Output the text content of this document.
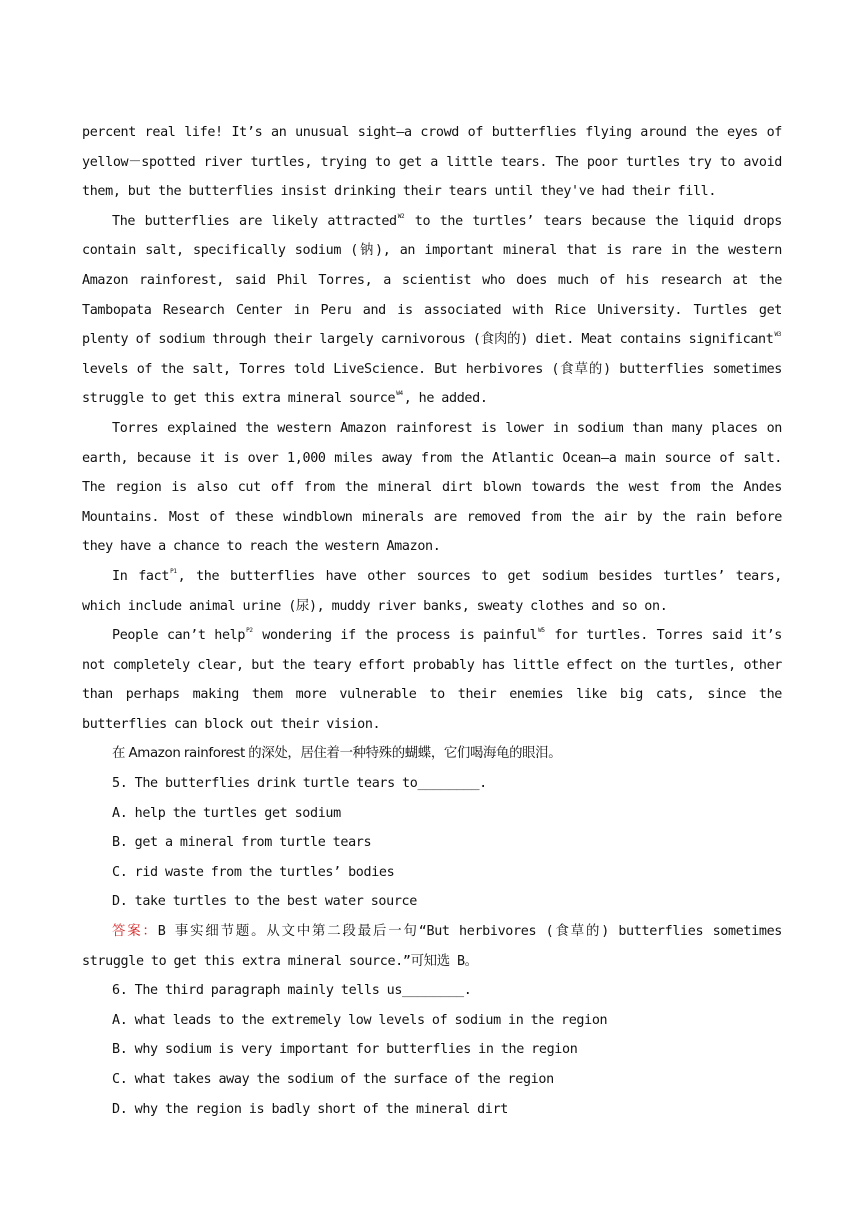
percent real life! It’s an unusual sight—a crowd of butterflies flying around the eyes of yellow－spotted river turtles, trying to get a little tears. The poor turtles try to avoid them, but the butterflies insist drinking their tears until they've had their fill.

The butterflies are likely attracted$^{W2}$ to the turtles’ tears because the liquid drops contain salt, specifically sodium (钠), an important mineral that is rare in the western Amazon rainforest, said Phil Torres, a scientist who does much of his research at the Tambopata Research Center in Peru and is associated with Rice University. Turtles get plenty of sodium through their largely carnivorous (食肉的) diet. Meat contains significant$^{W3}$ levels of the salt, Torres told LiveScience. But herbivores (食草的) butterflies sometimes struggle to get this extra mineral source$^{W4}$, he added.

Torres explained the western Amazon rainforest is lower in sodium than many places on earth, because it is over 1,000 miles away from the Atlantic Ocean—a main source of salt. The region is also cut off from the mineral dirt blown towards the west from the Andes Mountains. Most of these windblown minerals are removed from the air by the rain before they have a chance to reach the western Amazon.

In fact$^{P1}$, the butterflies have other sources to get sodium besides turtles’ tears, which include animal urine (尿), muddy river banks, sweaty clothes and so on.

People can’t help$^{P2}$ wondering if the process is painful$^{W5}$ for turtles. Torres said it’s not completely clear, but the teary effort probably has little effect on the turtles, other than perhaps making them more vulnerable to their enemies like big cats, since the butterflies can block out their vision.

在 Amazon rainforest 的深处，居住着一种特殊的蝴蝶，它们喝海龟的眼泪。

5. The butterflies drink turtle tears to________.

A. help the turtles get sodium

B. get a mineral from turtle tears

C. rid waste from the turtles’ bodies

D. take turtles to the best water source

答案：B 事实细节题。从文中第二段最后一句“But herbivores (食草的) butterflies sometimes struggle to get this extra mineral source.”可知选 B。

6. The third paragraph mainly tells us________.

A. what leads to the extremely low levels of sodium in the region

B. why sodium is very important for butterflies in the region

C. what takes away the sodium of the surface of the region

D. why the region is badly short of the mineral dirt
